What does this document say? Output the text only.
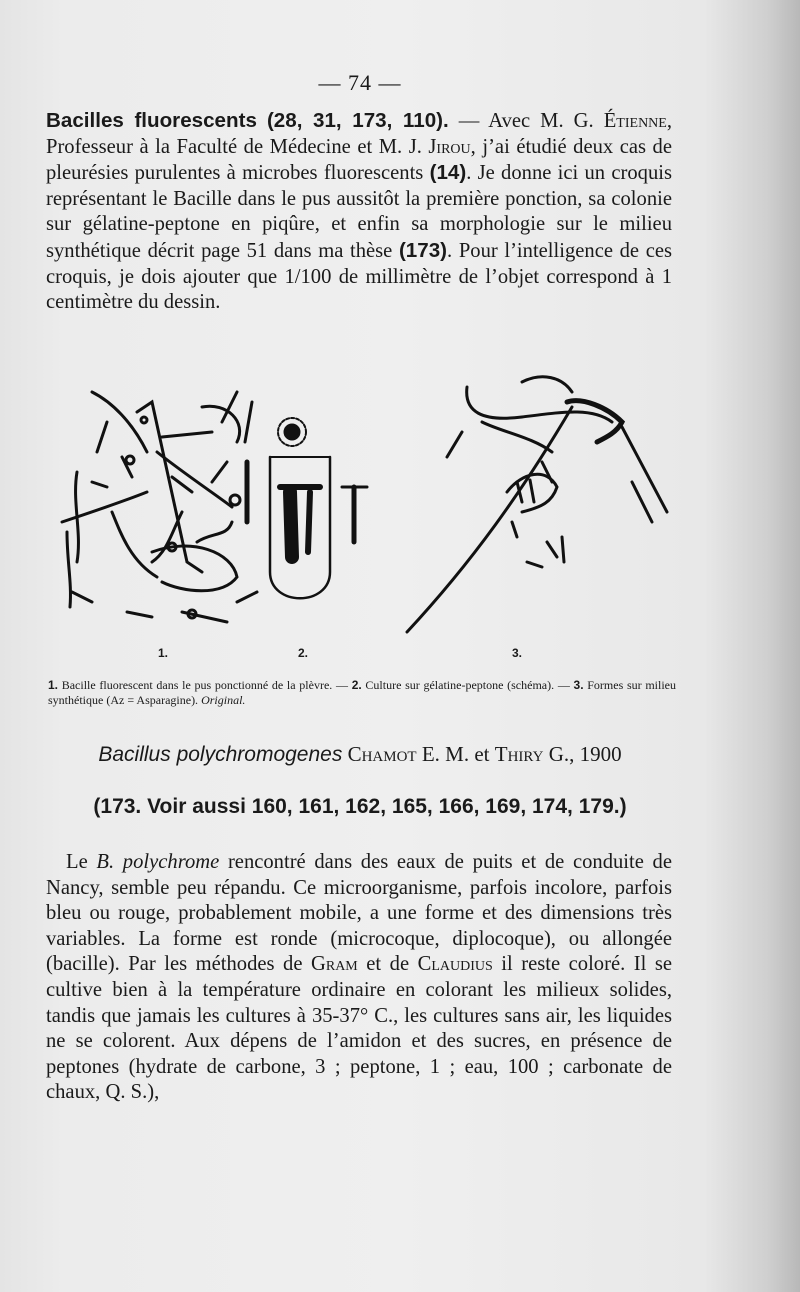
— 74 —

Bacilles fluorescents (28, 31, 173, 110). — Avec M. G. Étienne, Professeur à la Faculté de Médecine et M. J. Jirou, j’ai étudié deux cas de pleurésies purulentes à microbes fluorescents (14). Je donne ici un croquis représentant le Bacille dans le pus aussitôt la première ponction, sa colonie sur gélatine-peptone en piqûre, et enfin sa morphologie sur le milieu synthétique décrit page 51 dans ma thèse (173). Pour l’intelligence de ces croquis, je dois ajouter que 1/100 de millimètre de l’objet correspond à 1 centimètre du dessin.

1.	2.	3.

1. Bacille fluorescent dans le pus ponctionné de la plèvre. — 2. Culture sur gélatine-peptone (schéma). — 3. Formes sur milieu synthétique (Az = Asparagine). Original.

Bacillus polychromogenes Chamot E. M. et Thiry G., 1900

(173. Voir aussi 160, 161, 162, 165, 166, 169, 174, 179.)

Le B. polychrome rencontré dans des eaux de puits et de conduite de Nancy, semble peu répandu. Ce microorganisme, parfois incolore, parfois bleu ou rouge, probablement mobile, a une forme et des dimensions très variables. La forme est ronde (microcoque, diplocoque), ou allongée (bacille). Par les méthodes de Gram et de Claudius il reste coloré. Il se cultive bien à la température ordinaire en colorant les milieux solides, tandis que jamais les cultures à 35-37° C., les cultures sans air, les liquides ne se colorent. Aux dépens de l’amidon et des sucres, en présence de peptones (hydrate de carbone, 3 ; peptone, 1 ; eau, 100 ; carbonate de chaux, Q. S.),
